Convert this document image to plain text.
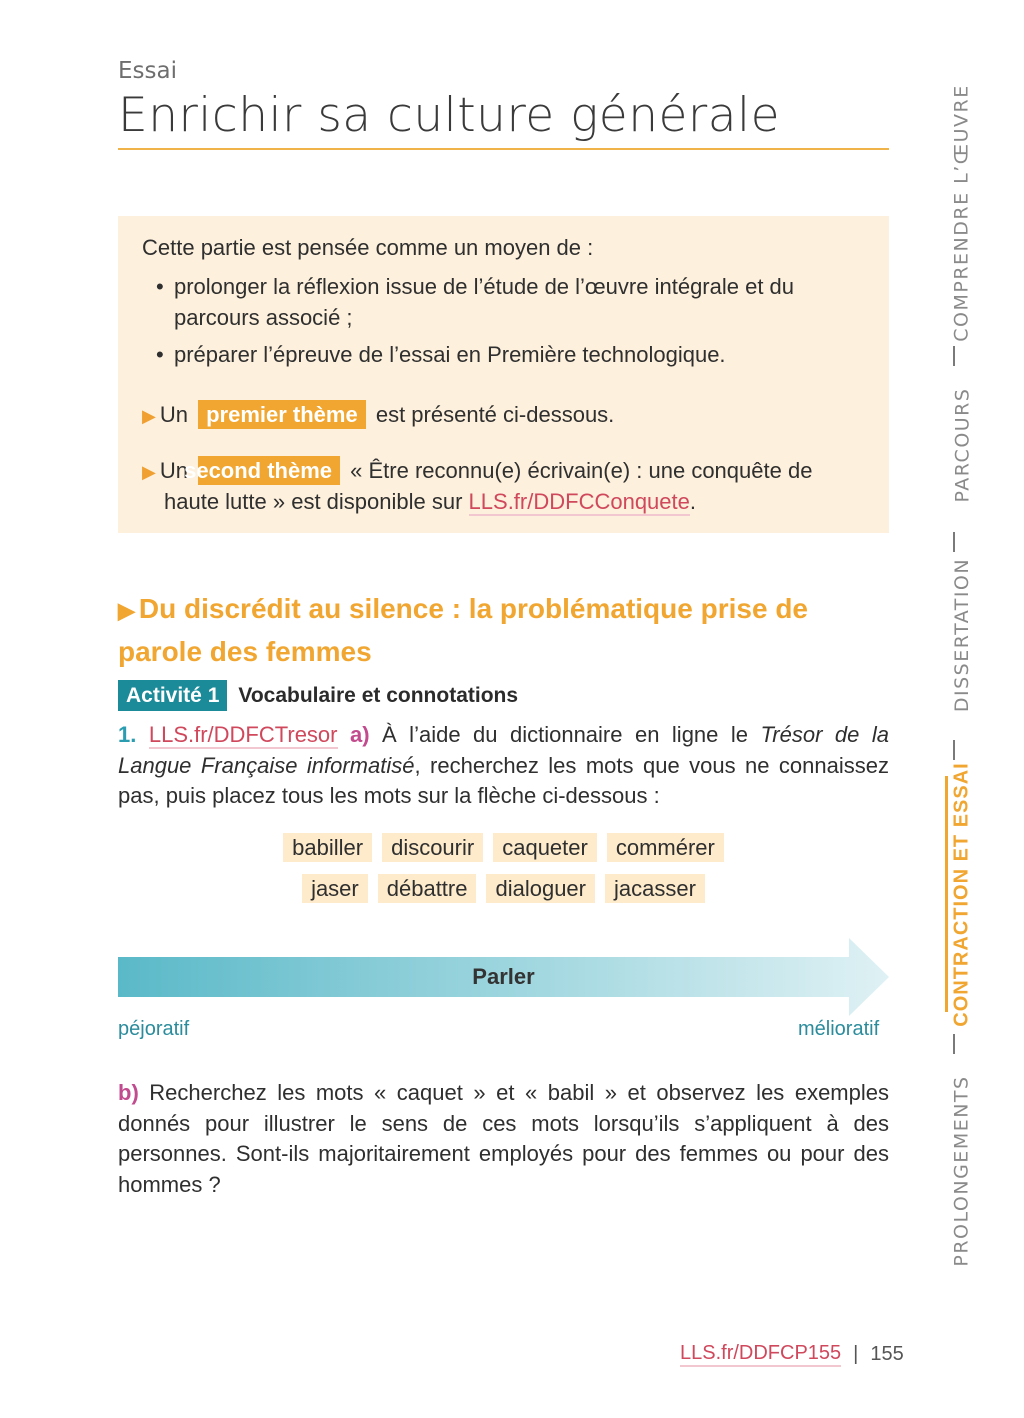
Essai
Enrichir sa culture générale
Cette partie est pensée comme un moyen de :
• prolonger la réflexion issue de l’étude de l’œuvre intégrale et du parcours associé ;
• préparer l’épreuve de l’essai en Première technologique.
▶ Un premier thème est présenté ci-dessous.
▶ Un second thème « Être reconnu(e) écrivain(e) : une conquête de haute lutte » est disponible sur LLS.fr/DDFCConquete.
▶ Du discrédit au silence : la problématique prise de parole des femmes
Activité 1 Vocabulaire et connotations

1. LLS.fr/DDFCTresor a) À l’aide du dictionnaire en ligne le Trésor de la Langue Française informatisé, recherchez les mots que vous ne connaissez pas, puis placez tous les mots sur la flèche ci-dessous :

babiller	discourir	caqueter	commérer
jaser	débattre	dialoguer	jacasser
Parler
péjoratif	mélioratif

b) Recherchez les mots « caquet » et « babil » et observez les exemples donnés pour illustrer le sens de ces mots lorsqu’ils s’appliquent à des personnes. Sont-ils majoritairement employés pour des femmes ou pour des hommes ?

COMPRENDRE L’ŒUVRE
PARCOURS
DISSERTATION
CONTRACTION ET ESSAI
PROLONGEMENTS
LLS.fr/DDFCP155 | 155
